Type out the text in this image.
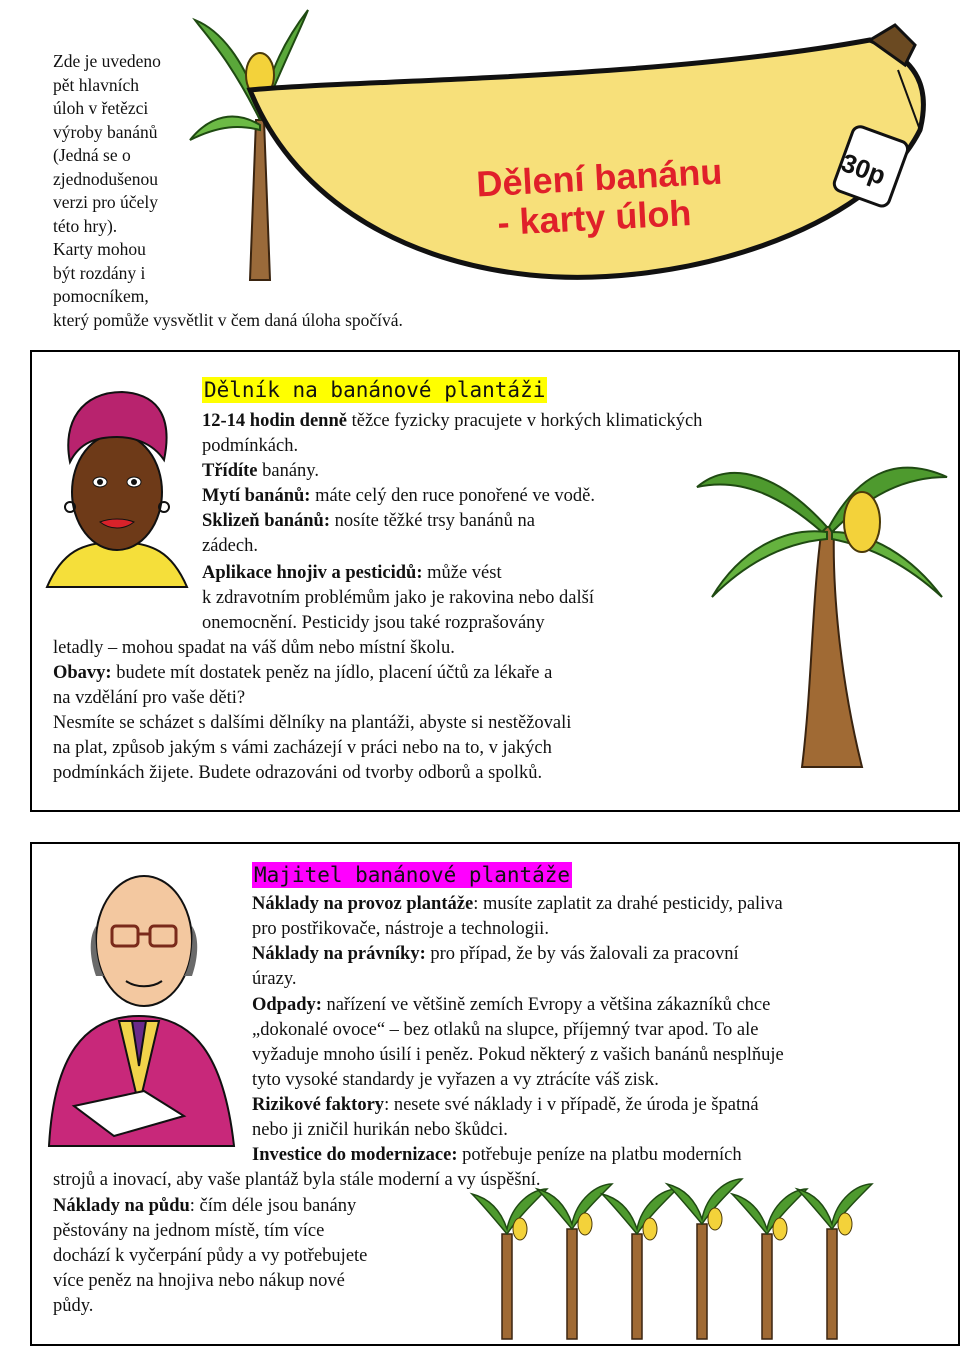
Zde je uvedeno
pět hlavních
úloh v řetězci
výroby banánů
(Jedná se o
zjednodušenou
verzi pro účely
této hry).
Karty mohou
být rozdány i
pomocníkem,
který pomůže vysvětlit v čem daná úloha spočívá.
30p
Dělení banánu
- karty úloh
Dělník na banánové plantáži
12-14 hodin denně těžce fyzicky pracujete v horkých klimatických
podmínkách.
Třídíte banány.
Mytí banánů: máte celý den ruce ponořené ve vodě.
Sklizeň banánů: nosíte těžké trsy banánů na
zádech.
Aplikace hnojiv a pesticidů: může vést
k zdravotním problémům jako je rakovina nebo další
onemocnění. Pesticidy jsou také rozprašovány
letadly – mohou spadat na váš dům nebo místní školu.
Obavy: budete mít dostatek peněz na jídlo, placení účtů za lékaře a
na vzdělání pro vaše děti?
Nesmíte se scházet s dalšími dělníky na plantáži, abyste si nestěžovali
na plat, způsob jakým s vámi zacházejí v práci nebo na to, v jakých
podmínkách žijete. Budete odrazováni od tvorby odborů a spolků.
Majitel banánové plantáže
Náklady na provoz plantáže: musíte zaplatit za drahé pesticidy, paliva
pro postřikovače, nástroje a technologii.
Náklady na právníky: pro případ, že by vás žalovali za pracovní
úrazy.
Odpady: nařízení ve většině zemích Evropy a většina zákazníků chce
„dokonalé ovoce“ – bez otlaků na slupce, příjemný tvar apod. To ale
vyžaduje mnoho úsilí i peněz. Pokud některý z vašich banánů nesplňuje
tyto vysoké standardy je vyřazen a vy ztrácíte váš zisk.
Rizikové faktory: nesete své náklady i v případě, že úroda je špatná
nebo ji zničil hurikán nebo škůdci.
Investice do modernizace: potřebuje peníze na platbu moderních
strojů a inovací, aby vaše plantáž byla stále moderní a vy úspěšní.
Náklady na půdu: čím déle jsou banány
pěstovány na jednom místě, tím více
dochází k vyčerpání půdy a vy potřebujete
více peněz na hnojiva nebo nákup nové
půdy.
